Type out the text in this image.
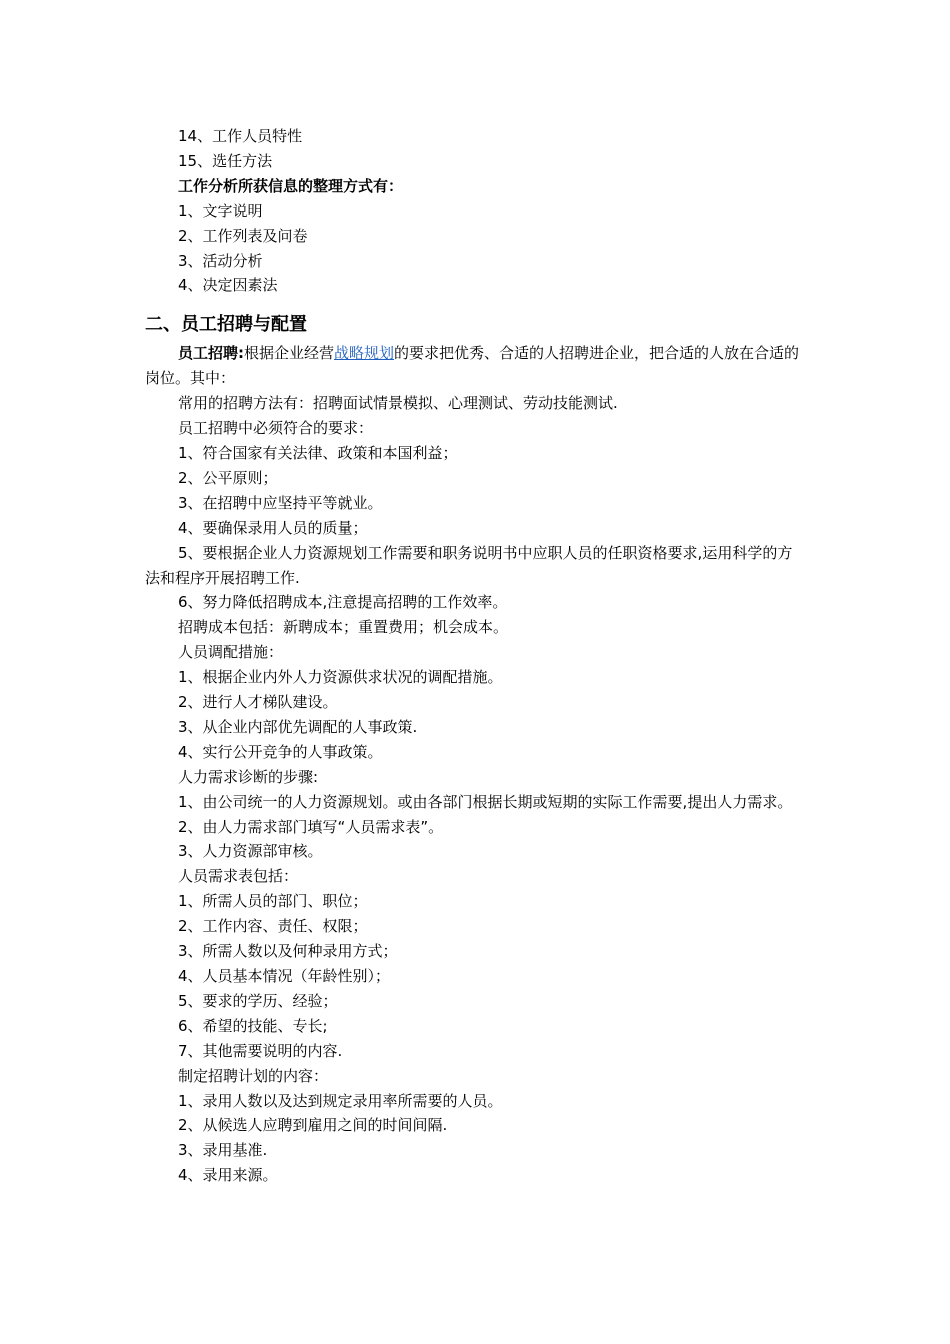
14、工作人员特性
15、选任方法
工作分析所获信息的整理方式有：
1、文字说明
2、工作列表及问卷
3、活动分析
4、决定因素法
二、员工招聘与配置
员工招聘:根据企业经营战略规划的要求把优秀、合适的人招聘进企业，把合适的人放在合适的岗位。其中：
常用的招聘方法有：招聘面试情景模拟、心理测试、劳动技能测试.
员工招聘中必须符合的要求：
1、符合国家有关法律、政策和本国利益；
2、公平原则；
3、在招聘中应坚持平等就业。
4、要确保录用人员的质量；
5、要根据企业人力资源规划工作需要和职务说明书中应职人员的任职资格要求,运用科学的方法和程序开展招聘工作.
6、努力降低招聘成本,注意提高招聘的工作效率。
招聘成本包括：新聘成本；重置费用；机会成本。
人员调配措施：
1、根据企业内外人力资源供求状况的调配措施。
2、进行人才梯队建设。
3、从企业内部优先调配的人事政策.
4、实行公开竞争的人事政策。
人力需求诊断的步骤:
1、由公司统一的人力资源规划。或由各部门根据长期或短期的实际工作需要,提出人力需求。
2、由人力需求部门填写“人员需求表”。
3、人力资源部审核。
人员需求表包括：
1、所需人员的部门、职位；
2、工作内容、责任、权限；
3、所需人数以及何种录用方式；
4、人员基本情况（年龄性别）；
5、要求的学历、经验；
6、希望的技能、专长;
7、其他需要说明的内容.
制定招聘计划的内容：
1、录用人数以及达到规定录用率所需要的人员。
2、从候选人应聘到雇用之间的时间间隔.
3、录用基准.
4、录用来源。
